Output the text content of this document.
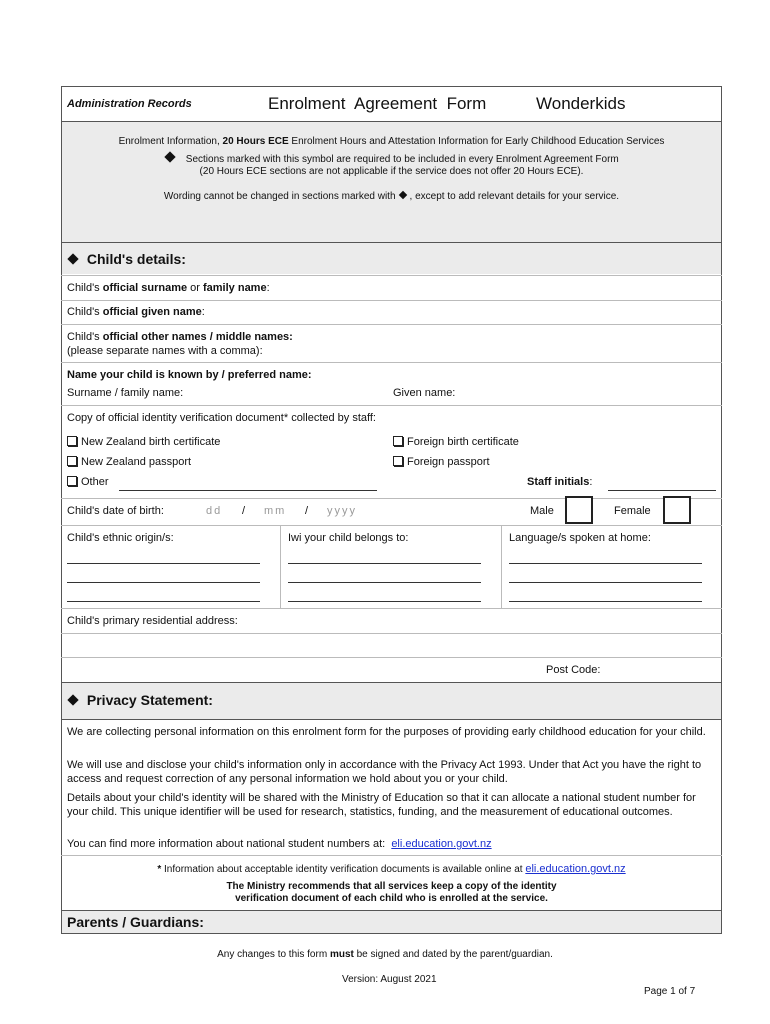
Administration Records	Enrolment  Agreement  Form	Wonderkids
Enrolment Information, 20 Hours ECE Enrolment Hours and Attestation Information for Early Childhood Education Services
Sections marked with this symbol are required to be included in every Enrolment Agreement Form
(20 Hours ECE sections are not applicable if the service does not offer 20 Hours ECE).
Wording cannot be changed in sections marked with , except to add relevant details for your service.
Child's details:
Child's official surname or family name:
Child's official given name:
Child's official other names / middle names:
(please separate names with a comma):
Name your child is known by / preferred name:
Surname / family name:	Given name:
Copy of official identity verification document* collected by staff:
New Zealand birth certificate	Foreign birth certificate
New Zealand passport	Foreign passport
Other	Staff initials:
Child's date of birth:	dd / mm / yyyy	Male	Female
Child's ethnic origin/s:	Iwi your child belongs to:	Language/s spoken at home:
Child's primary residential address:
Post Code:
Privacy Statement:
We are collecting personal information on this enrolment form for the purposes of providing early childhood education for your child.
We will use and disclose your child's information only in accordance with the Privacy Act 1993. Under that Act you have the right to access and request correction of any personal information we hold about you or your child.
Details about your child's identity will be shared with the Ministry of Education so that it can allocate a national student number for your child. This unique identifier will be used for research, statistics, funding, and the measurement of educational outcomes.
You can find more information about national student numbers at: eli.education.govt.nz
* Information about acceptable identity verification documents is available online at eli.education.govt.nz
The Ministry recommends that all services keep a copy of the identity
verification document of each child who is enrolled at the service.
Parents / Guardians:
Any changes to this form must be signed and dated by the parent/guardian.
Version: August 2021
Page 1 of 7
